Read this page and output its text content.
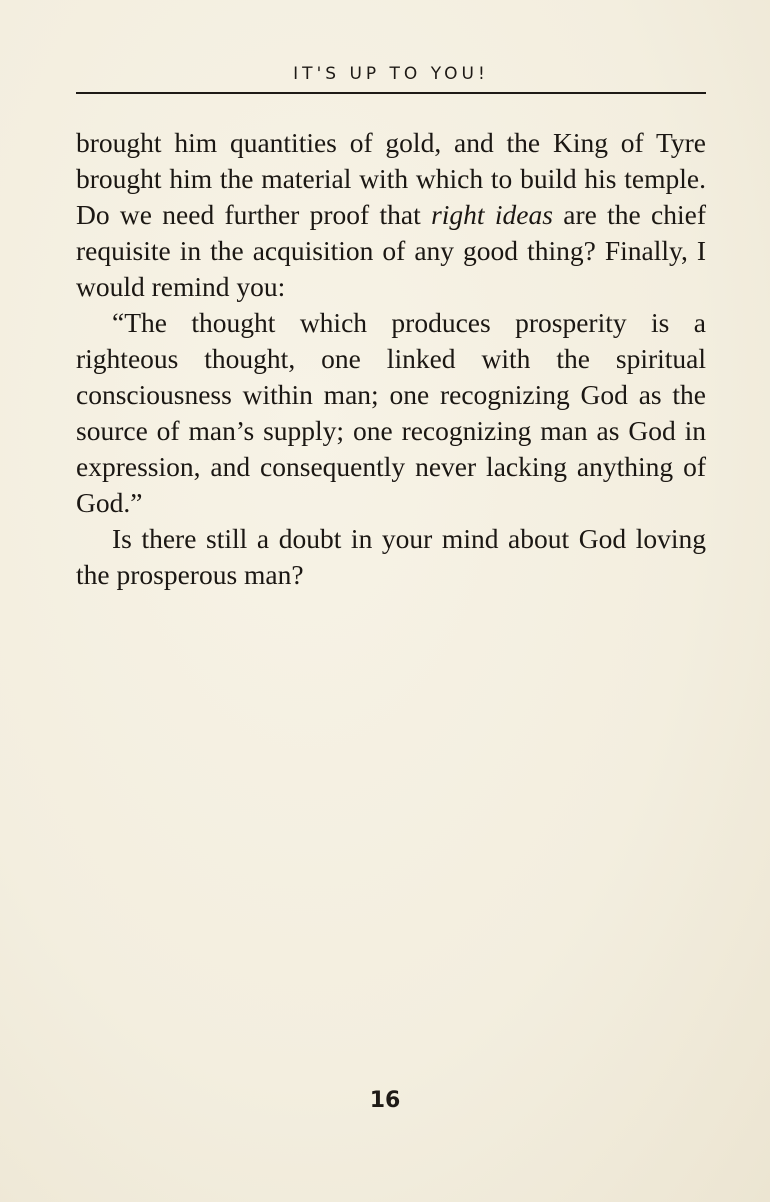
IT'S UP TO YOU!

brought him quantities of gold, and the King of Tyre brought him the material with which to build his temple. Do we need further proof that right ideas are the chief requisite in the acquisition of any good thing? Finally, I would remind you:

“The thought which produces prosperity is a righteous thought, one linked with the spiritual consciousness within man; one recognizing God as the source of man’s supply; one recognizing man as God in expression, and consequently never lacking anything of God.”

Is there still a doubt in your mind about God loving the prosperous man?

16
